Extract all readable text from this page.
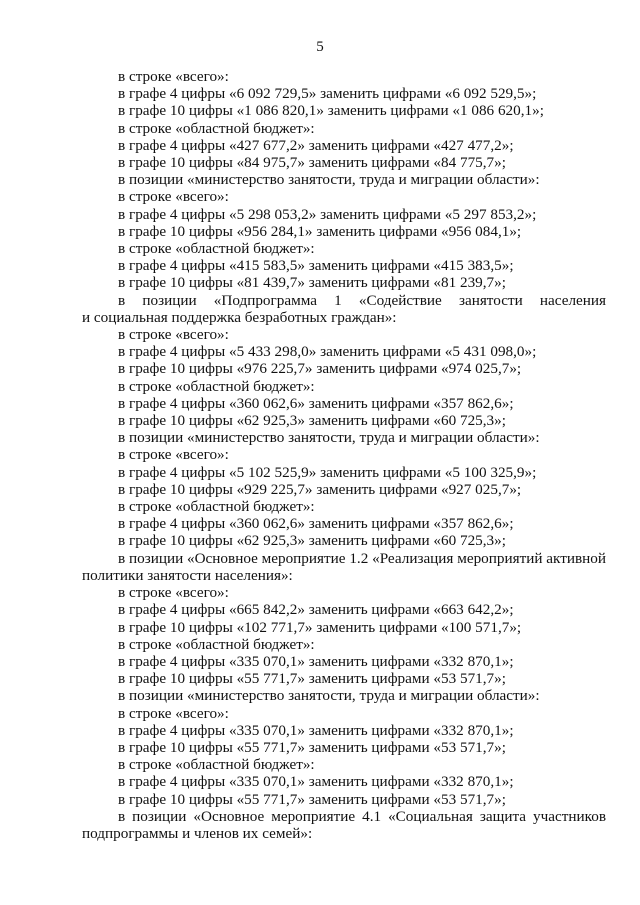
5
в строке «всего»:
в графе 4 цифры «6 092 729,5» заменить цифрами «6 092 529,5»;
в графе 10 цифры «1 086 820,1» заменить цифрами «1 086 620,1»;
в строке «областной бюджет»:
в графе 4 цифры «427 677,2» заменить цифрами «427 477,2»;
в графе 10 цифры «84 975,7» заменить цифрами «84 775,7»;
в позиции «министерство занятости, труда и миграции области»:
в строке «всего»:
в графе 4 цифры «5 298 053,2» заменить цифрами «5 297 853,2»;
в графе 10 цифры «956 284,1» заменить цифрами «956 084,1»;
в строке «областной бюджет»:
в графе 4 цифры «415 583,5» заменить цифрами «415 383,5»;
в графе 10 цифры «81 439,7» заменить цифрами «81 239,7»;
в позиции «Подпрограмма 1 «Содействие занятости населения
и социальная поддержка безработных граждан»:
в строке «всего»:
в графе 4 цифры «5 433 298,0» заменить цифрами «5 431 098,0»;
в графе 10 цифры «976 225,7» заменить цифрами «974 025,7»;
в строке «областной бюджет»:
в графе 4 цифры «360 062,6» заменить цифрами «357 862,6»;
в графе 10 цифры «62 925,3» заменить цифрами «60 725,3»;
в позиции «министерство занятости, труда и миграции области»:
в строке «всего»:
в графе 4 цифры «5 102 525,9» заменить цифрами «5 100 325,9»;
в графе 10 цифры «929 225,7» заменить цифрами «927 025,7»;
в строке «областной бюджет»:
в графе 4 цифры «360 062,6» заменить цифрами «357 862,6»;
в графе 10 цифры «62 925,3» заменить цифрами «60 725,3»;
в позиции «Основное мероприятие 1.2 «Реализация мероприятий активной
политики занятости населения»:
в строке «всего»:
в графе 4 цифры «665 842,2» заменить цифрами «663 642,2»;
в графе 10 цифры «102 771,7» заменить цифрами «100 571,7»;
в строке «областной бюджет»:
в графе 4 цифры «335 070,1» заменить цифрами «332 870,1»;
в графе 10 цифры «55 771,7» заменить цифрами «53 571,7»;
в позиции «министерство занятости, труда и миграции области»:
в строке «всего»:
в графе 4 цифры «335 070,1» заменить цифрами «332 870,1»;
в графе 10 цифры «55 771,7» заменить цифрами «53 571,7»;
в строке «областной бюджет»:
в графе 4 цифры «335 070,1» заменить цифрами «332 870,1»;
в графе 10 цифры «55 771,7» заменить цифрами «53 571,7»;
в позиции «Основное мероприятие 4.1 «Социальная защита участников
подпрограммы и членов их семей»:
